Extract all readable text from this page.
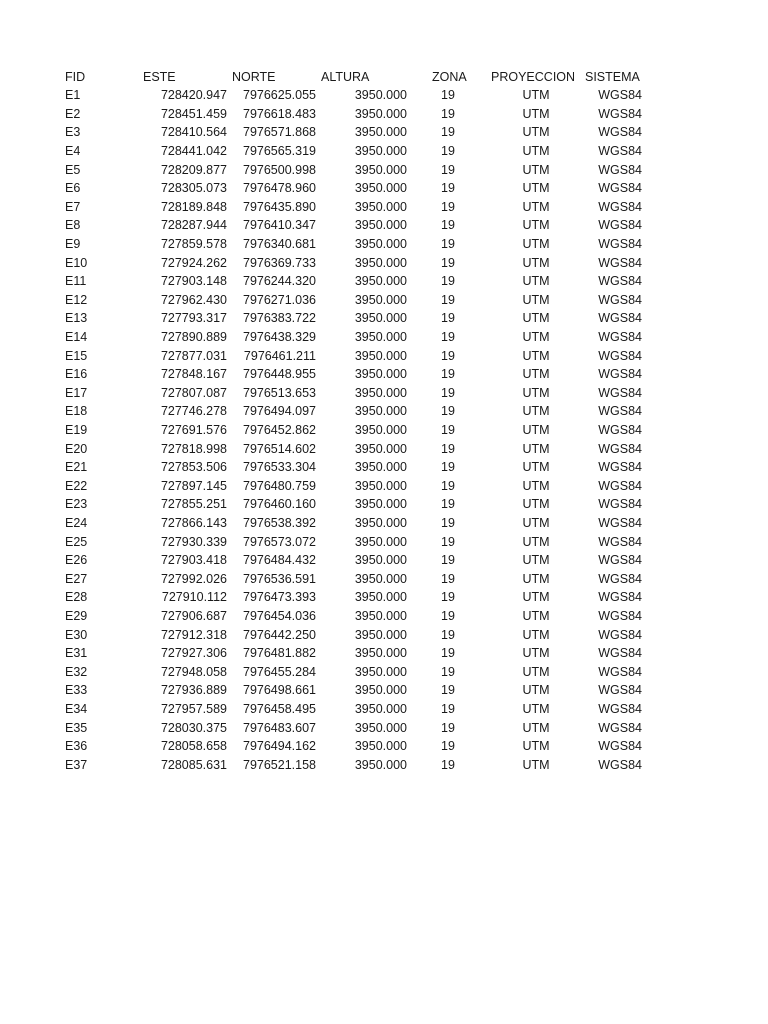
FID	ESTE	NORTE	ALTURA	ZONA PROYECCION SISTEMA
E1	728420.947	7976625.055	3950.000	19	UTM	WGS84
E2	728451.459	7976618.483	3950.000	19	UTM	WGS84
E3	728410.564	7976571.868	3950.000	19	UTM	WGS84
E4	728441.042	7976565.319	3950.000	19	UTM	WGS84
E5	728209.877	7976500.998	3950.000	19	UTM	WGS84
E6	728305.073	7976478.960	3950.000	19	UTM	WGS84
E7	728189.848	7976435.890	3950.000	19	UTM	WGS84
E8	728287.944	7976410.347	3950.000	19	UTM	WGS84
E9	727859.578	7976340.681	3950.000	19	UTM	WGS84
E10	727924.262	7976369.733	3950.000	19	UTM	WGS84
E11	727903.148	7976244.320	3950.000	19	UTM	WGS84
E12	727962.430	7976271.036	3950.000	19	UTM	WGS84
E13	727793.317	7976383.722	3950.000	19	UTM	WGS84
E14	727890.889	7976438.329	3950.000	19	UTM	WGS84
E15	727877.031	7976461.211	3950.000	19	UTM	WGS84
E16	727848.167	7976448.955	3950.000	19	UTM	WGS84
E17	727807.087	7976513.653	3950.000	19	UTM	WGS84
E18	727746.278	7976494.097	3950.000	19	UTM	WGS84
E19	727691.576	7976452.862	3950.000	19	UTM	WGS84
E20	727818.998	7976514.602	3950.000	19	UTM	WGS84
E21	727853.506	7976533.304	3950.000	19	UTM	WGS84
E22	727897.145	7976480.759	3950.000	19	UTM	WGS84
E23	727855.251	7976460.160	3950.000	19	UTM	WGS84
E24	727866.143	7976538.392	3950.000	19	UTM	WGS84
E25	727930.339	7976573.072	3950.000	19	UTM	WGS84
E26	727903.418	7976484.432	3950.000	19	UTM	WGS84
E27	727992.026	7976536.591	3950.000	19	UTM	WGS84
E28	727910.112	7976473.393	3950.000	19	UTM	WGS84
E29	727906.687	7976454.036	3950.000	19	UTM	WGS84
E30	727912.318	7976442.250	3950.000	19	UTM	WGS84
E31	727927.306	7976481.882	3950.000	19	UTM	WGS84
E32	727948.058	7976455.284	3950.000	19	UTM	WGS84
E33	727936.889	7976498.661	3950.000	19	UTM	WGS84
E34	727957.589	7976458.495	3950.000	19	UTM	WGS84
E35	728030.375	7976483.607	3950.000	19	UTM	WGS84
E36	728058.658	7976494.162	3950.000	19	UTM	WGS84
E37	728085.631	7976521.158	3950.000	19	UTM	WGS84
